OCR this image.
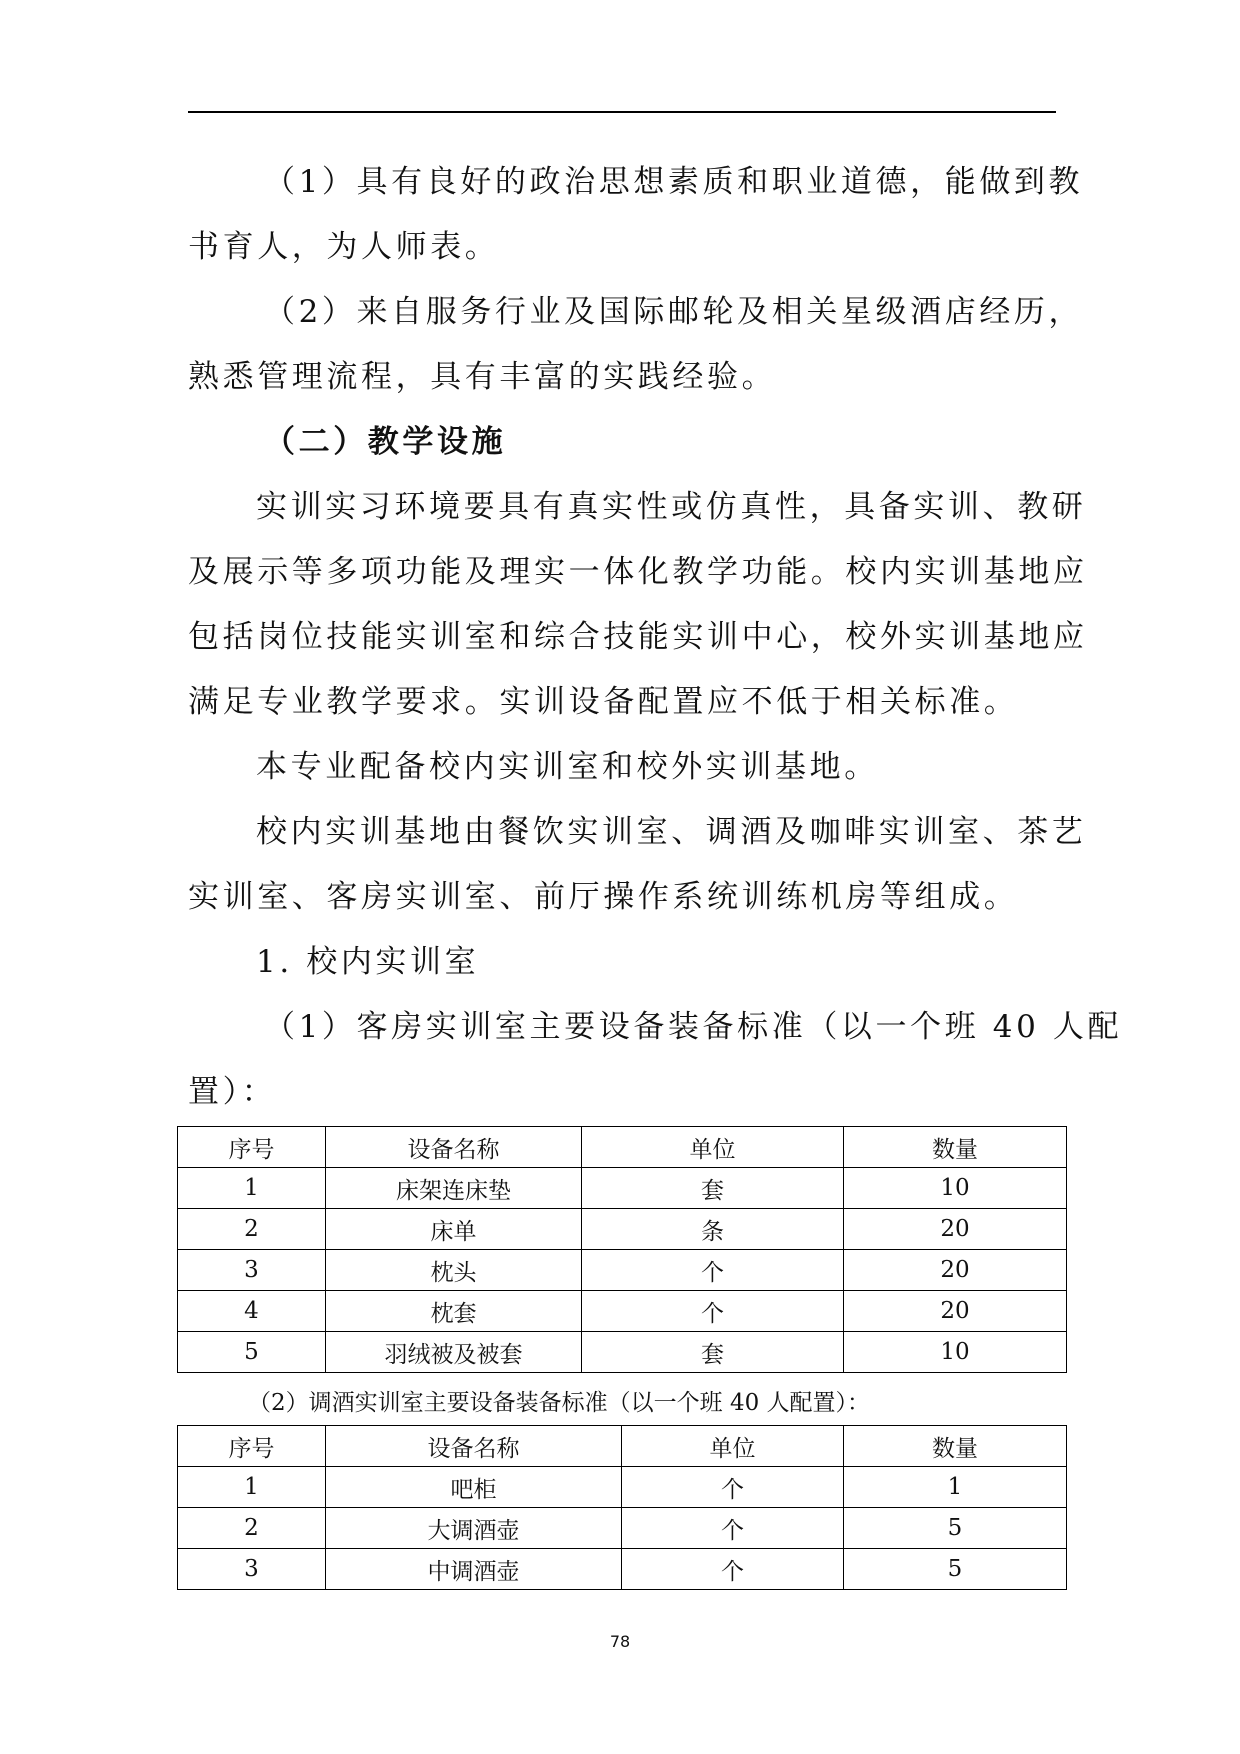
（1）具有良好的政治思想素质和职业道德，能做到教
书育人，为人师表。
（2）来自服务行业及国际邮轮及相关星级酒店经历，
熟悉管理流程，具有丰富的实践经验。
（二）教学设施
实训实习环境要具有真实性或仿真性，具备实训、教研
及展示等多项功能及理实一体化教学功能。校内实训基地应
包括岗位技能实训室和综合技能实训中心，校外实训基地应
满足专业教学要求。实训设备配置应不低于相关标准。
本专业配备校内实训室和校外实训基地。
校内实训基地由餐饮实训室、调酒及咖啡实训室、茶艺
实训室、客房实训室、前厅操作系统训练机房等组成。
1. 校内实训室
（1）客房实训室主要设备装备标准（以一个班 40 人配
置）：
序号	设备名称	单位	数量
1	床架连床垫	套	10
2	床单	条	20
3	枕头	个	20
4	枕套	个	20
5	羽绒被及被套	套	10
（2）调酒实训室主要设备装备标准（以一个班 40 人配置）：
序号	设备名称	单位	数量
1	吧柜	个	1
2	大调酒壶	个	5
3	中调酒壶	个	5
78
